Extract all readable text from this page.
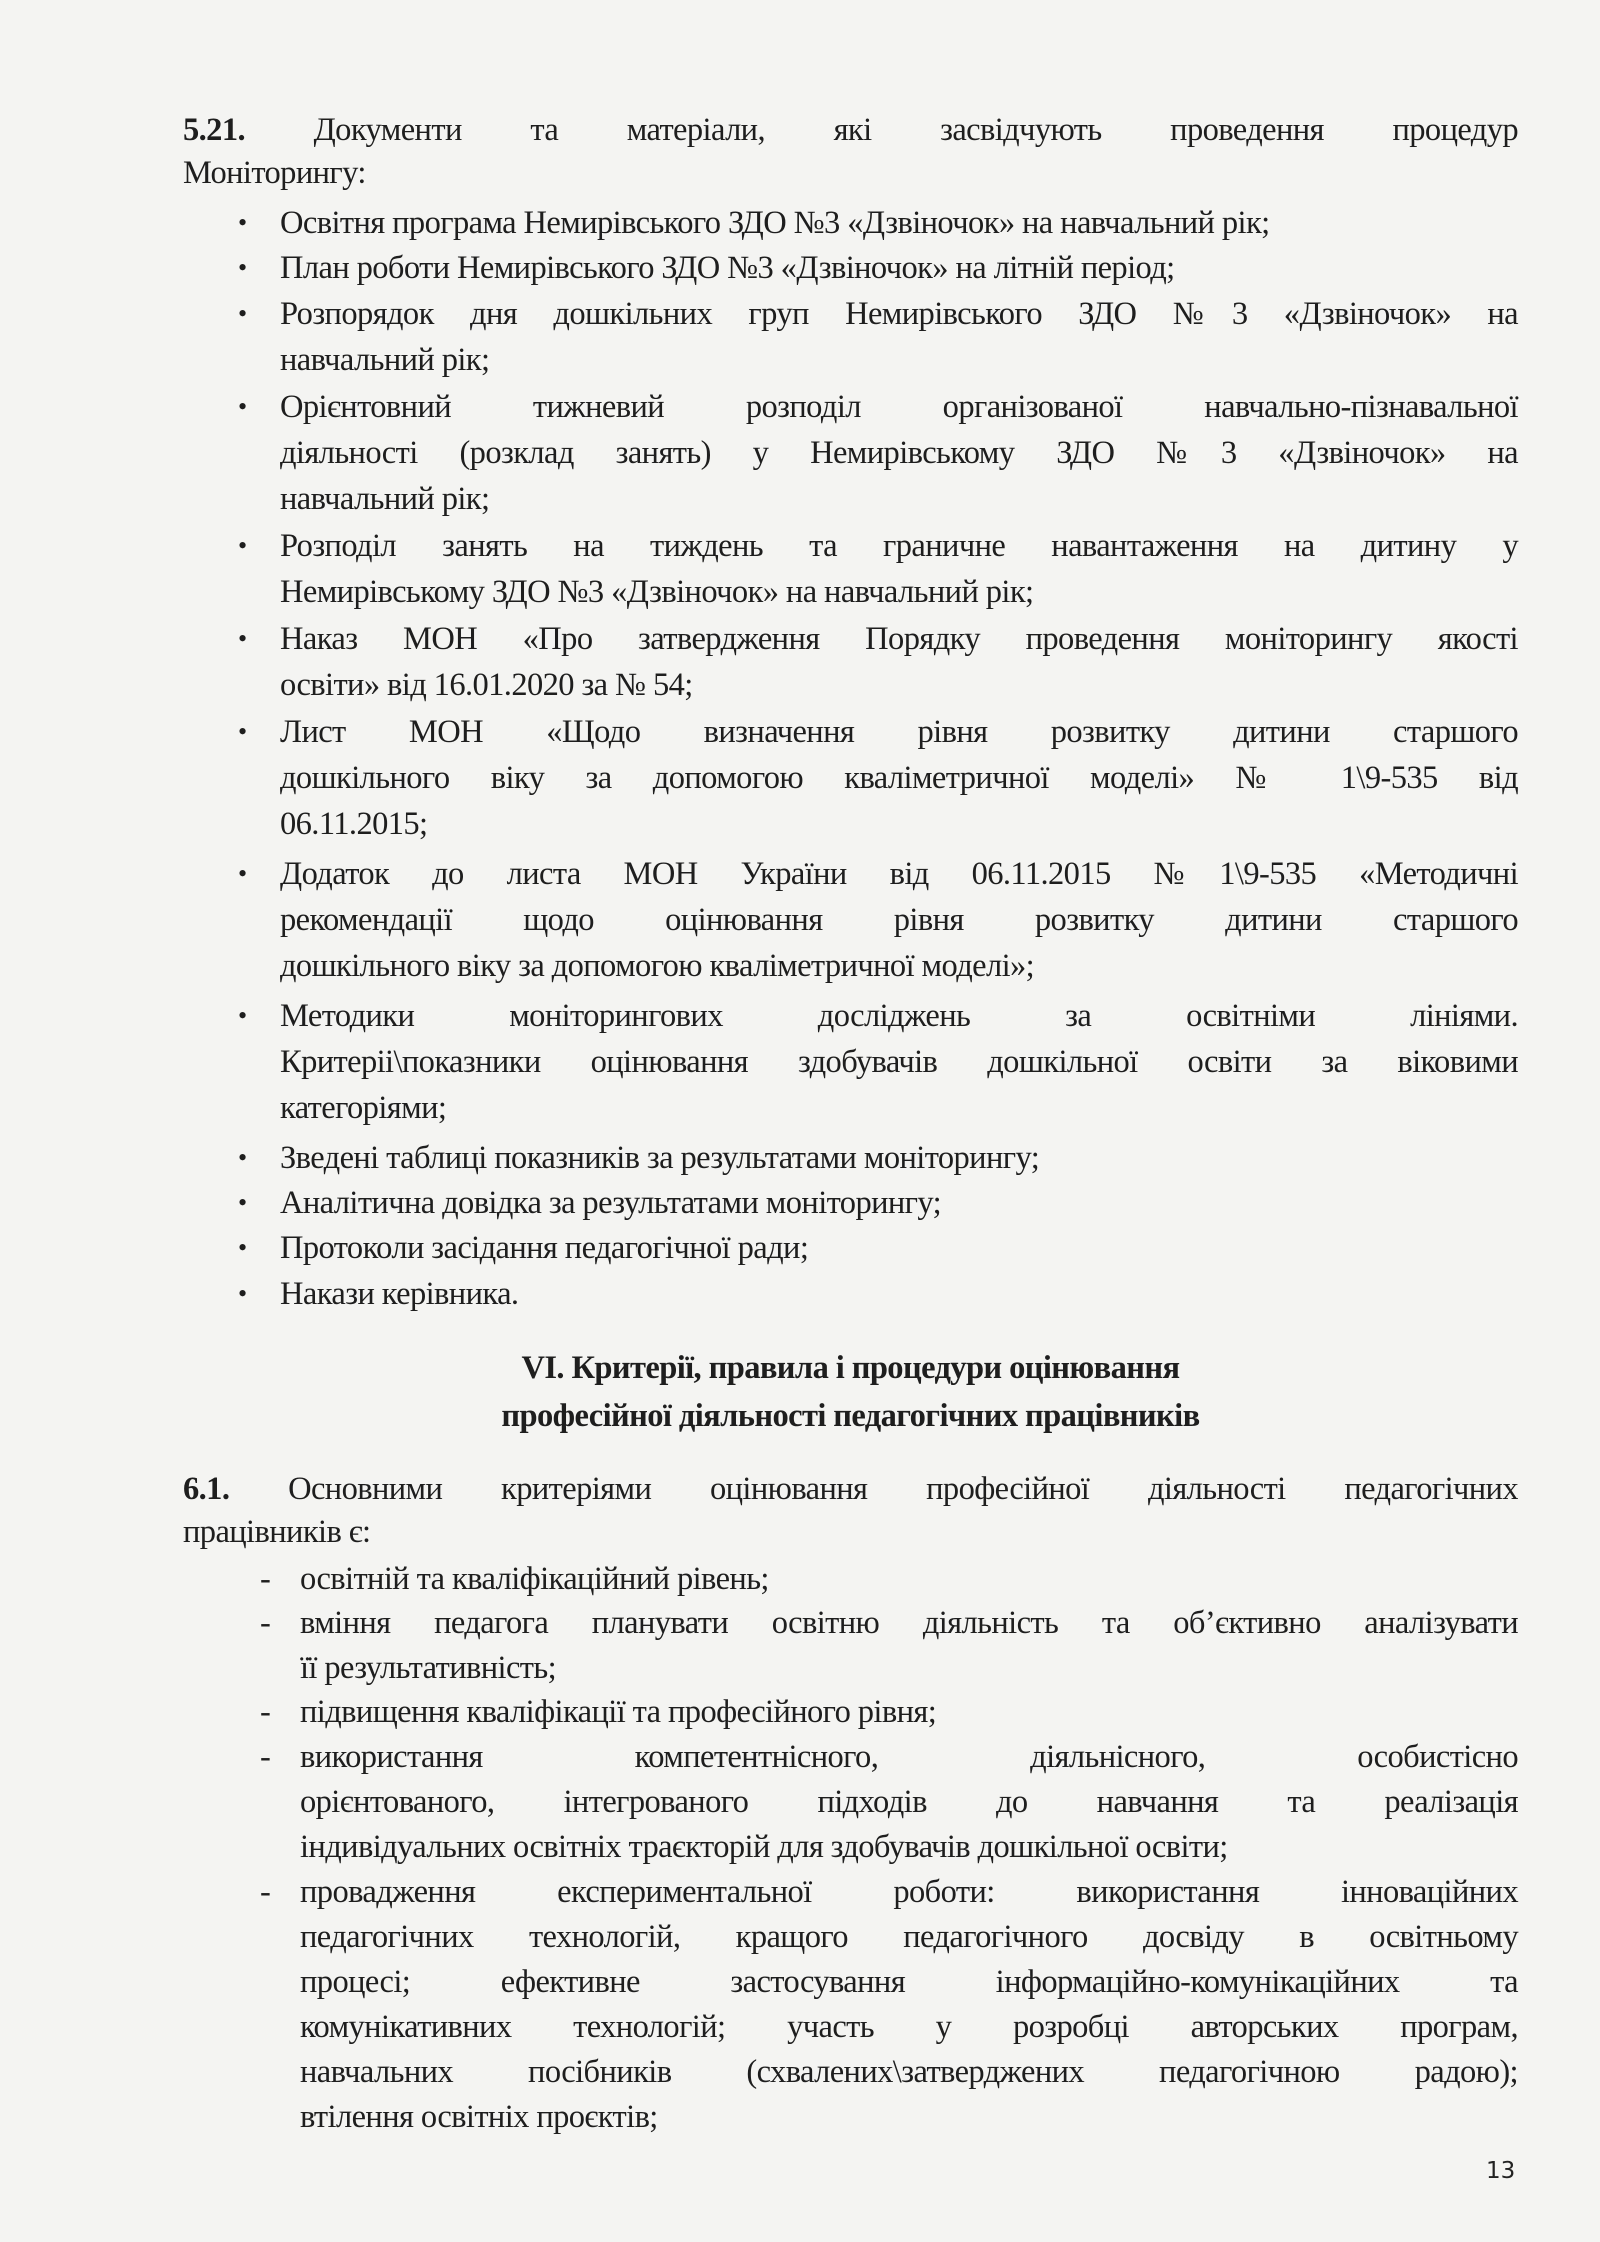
5.21. Документи та матеріали, які засвідчують проведення процедур
Моніторингу:
• Освітня програма Немирівського ЗДО №3 «Дзвіночок» на навчальний рік;
• План роботи Немирівського ЗДО №3 «Дзвіночок» на літній період;
• Розпорядок дня дошкільних груп Немирівського ЗДО №3 «Дзвіночок» на
навчальний рік;
• Орієнтовний тижневий розподіл організованої навчально-пізнавальної
діяльності (розклад занять) у Немирівському ЗДО №3 «Дзвіночок» на
навчальний рік;
• Розподіл занять на тиждень та граничне навантаження на дитину у
Немирівському ЗДО №3 «Дзвіночок» на навчальний рік;
• Наказ МОН «Про затвердження Порядку проведення моніторингу якості
освіти» від 16.01.2020 за № 54;
• Лист МОН «Щодо визначення рівня розвитку дитини старшого
дошкільного віку за допомогою кваліметричної моделі» № 1\9-535 від
06.11.2015;
• Додаток до листа МОН України від 06.11.2015 №1\9-535 «Методичні
рекомендації щодо оцінювання рівня розвитку дитини старшого
дошкільного віку за допомогою кваліметричної моделі»;
• Методики моніторингових досліджень за освітніми лініями.
Критеріі\показники оцінювання здобувачів дошкільної освіти за віковими
категоріями;
• Зведені таблиці показників за результатами моніторингу;
• Аналітична довідка за результатами моніторингу;
• Протоколи засідання педагогічної ради;
• Накази керівника.
VI. Критерії, правила і процедури оцінювання
професійної діяльності педагогічних працівників
6.1. Основними критеріями оцінювання професійної діяльності педагогічних
працівників є:
- освітній та кваліфікаційний рівень;
- вміння педагога планувати освітню діяльність та об’єктивно аналізувати
її результативність;
- підвищення кваліфікації та професійного рівня;
- використання компетентнісного, діяльнісного, особистісно
орієнтованого, інтегрованого підходів до навчання та реалізація
індивідуальних освітніх траєкторій для здобувачів дошкільної освіти;
- провадження експериментальної роботи: використання інноваційних
педагогічних технологій, кращого педагогічного досвіду в освітньому
процесі; ефективне застосування інформаційно-комунікаційних та
комунікативних технологій; участь у розробці авторських програм,
навчальних посібників (схвалених\затверджених педагогічною радою);
втілення освітніх проєктів;
13
